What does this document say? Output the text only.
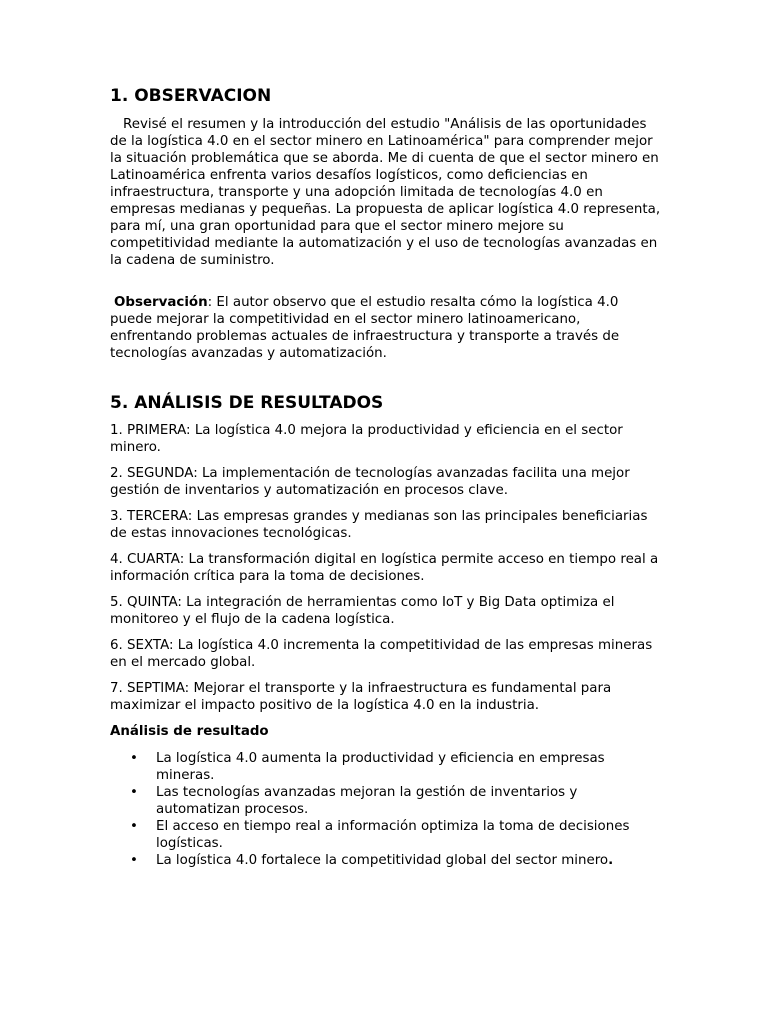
1. OBSERVACION

Revisé el resumen y la introducción del estudio "Análisis de las oportunidades de la logística 4.0 en el sector minero en Latinoamérica" para comprender mejor la situación problemática que se aborda. Me di cuenta de que el sector minero en Latinoamérica enfrenta varios desafíos logísticos, como deficiencias en infraestructura, transporte y una adopción limitada de tecnologías 4.0 en empresas medianas y pequeñas. La propuesta de aplicar logística 4.0 representa, para mí, una gran oportunidad para que el sector minero mejore su competitividad mediante la automatización y el uso de tecnologías avanzadas en la cadena de suministro.

Observación: El autor observo que el estudio resalta cómo la logística 4.0 puede mejorar la competitividad en el sector minero latinoamericano, enfrentando problemas actuales de infraestructura y transporte a través de tecnologías avanzadas y automatización.

5. ANÁLISIS DE RESULTADOS

1. PRIMERA: La logística 4.0 mejora la productividad y eficiencia en el sector minero.

2. SEGUNDA: La implementación de tecnologías avanzadas facilita una mejor gestión de inventarios y automatización en procesos clave.

3. TERCERA: Las empresas grandes y medianas son las principales beneficiarias de estas innovaciones tecnológicas.

4. CUARTA: La transformación digital en logística permite acceso en tiempo real a información crítica para la toma de decisiones.

5. QUINTA: La integración de herramientas como IoT y Big Data optimiza el monitoreo y el flujo de la cadena logística.

6. SEXTA: La logística 4.0 incrementa la competitividad de las empresas mineras en el mercado global.

7. SEPTIMA: Mejorar el transporte y la infraestructura es fundamental para maximizar el impacto positivo de la logística 4.0 en la industria.

Análisis de resultado

• La logística 4.0 aumenta la productividad y eficiencia en empresas mineras.
• Las tecnologías avanzadas mejoran la gestión de inventarios y automatizan procesos.
• El acceso en tiempo real a información optimiza la toma de decisiones logísticas.
• La logística 4.0 fortalece la competitividad global del sector minero.
